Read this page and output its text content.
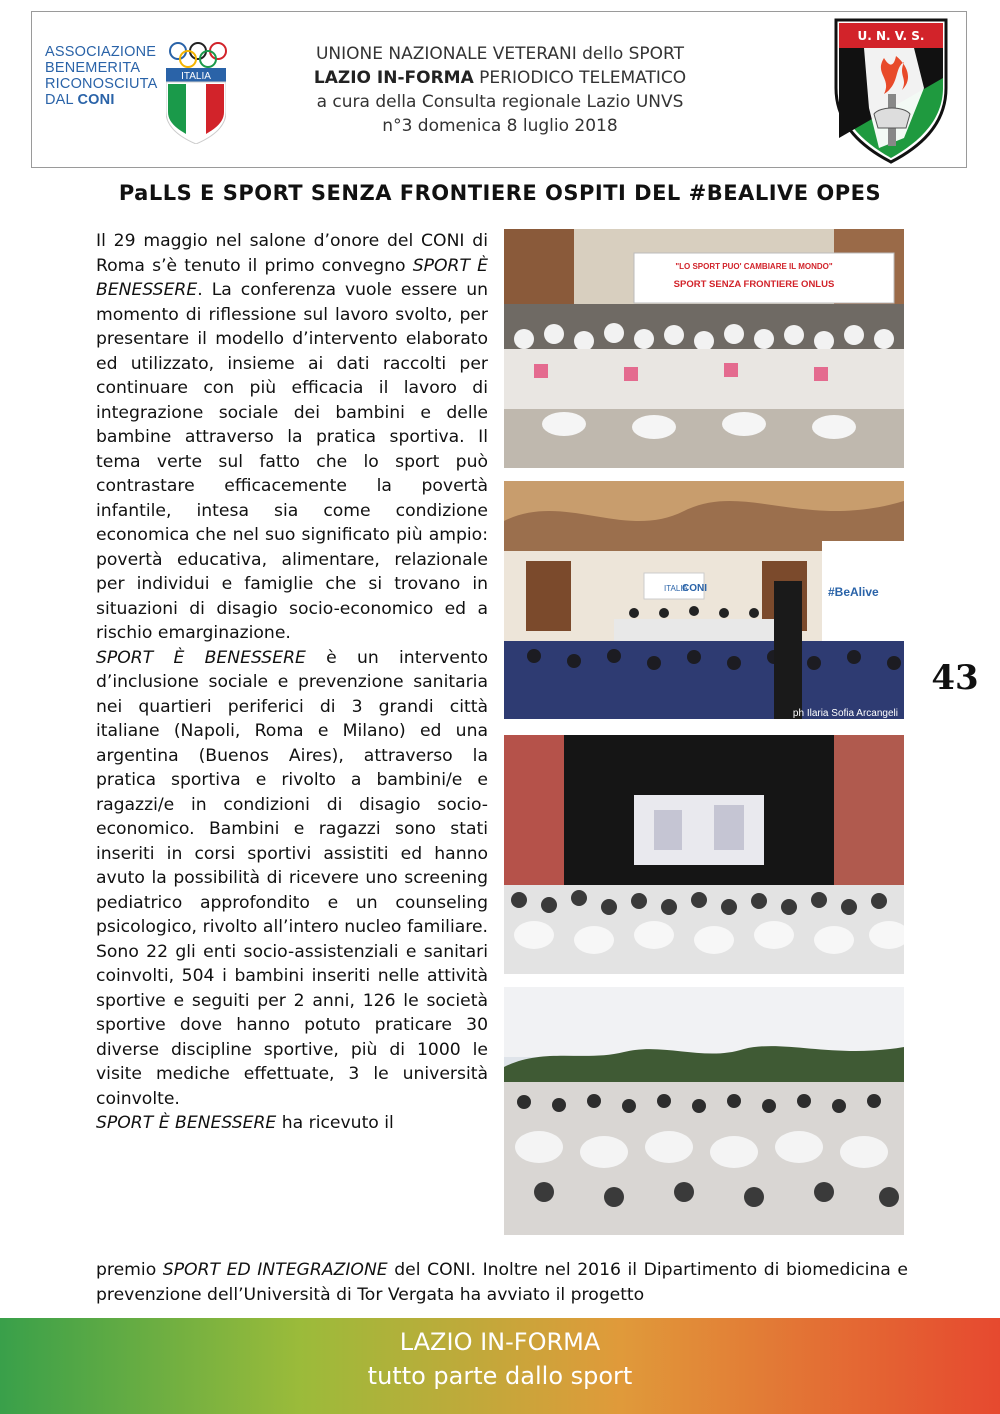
ASSOCIAZIONE
BENEMERITA
RICONOSCIUTA
DAL CONI
ITALIA
UNIONE NAZIONALE VETERANI dello SPORT
LAZIO IN-FORMA PERIODICO TELEMATICO
a cura della Consulta regionale Lazio UNVS
n°3 domenica 8 luglio 2018
U. N. V. S.
PaLLS E SPORT SENZA FRONTIERE OSPITI DEL #BEALIVE OPES

Il 29 maggio nel salone d’onore del CONI di Roma s’è tenuto il primo convegno SPORT È BENESSERE. La conferenza vuole essere un momento di riflessione sul lavoro svolto, per presentare il modello d’intervento elaborato ed utilizzato, insieme ai dati raccolti per continuare con più efficacia il lavoro di integrazione sociale dei bambini e delle bambine attraverso la pratica sportiva. Il tema verte sul fatto che lo sport può contrastare efficacemente la povertà infantile, intesa sia come condizione economica che nel suo significato più ampio: povertà educativa, alimentare, relazionale per individui e famiglie che si trovano in situazioni di disagio socio-economico ed a rischio emarginazione.

SPORT È BENESSERE è un intervento d’inclusione sociale e prevenzione sanitaria nei quartieri periferici di 3 grandi città italiane (Napoli, Roma e Milano) ed una argentina (Buenos Aires), attraverso la pratica sportiva e rivolto a bambini/e e ragazzi/e in condizioni di disagio socio-economico. Bambini e ragazzi sono stati inseriti in corsi sportivi assistiti ed hanno avuto la possibilità di ricevere uno screening pediatrico approfondito e un counseling psicologico, rivolto all’intero nucleo familiare. Sono 22 gli enti socio-assistenziali e sanitari coinvolti, 504 i bambini inseriti nelle attività sportive e seguiti per 2 anni, 126 le società sportive dove hanno potuto praticare 30 diverse discipline sportive, più di 1000 le visite mediche effettuate, 3 le università coinvolte.

SPORT È BENESSERE ha ricevuto il

premio SPORT ED INTEGRAZIONE del CONI. Inoltre nel 2016 il Dipartimento di biomedicina e prevenzione dell’Università di Tor Vergata ha avviato il progetto

"LO SPORT PUO' CAMBIARE IL MONDO"
SPORT SENZA FRONTIERE ONLUS
ITALIA
CONI	#BeAlive
ph Ilaria Sofia Arcangeli
43
LAZIO IN-FORMA
tutto parte dallo sport
